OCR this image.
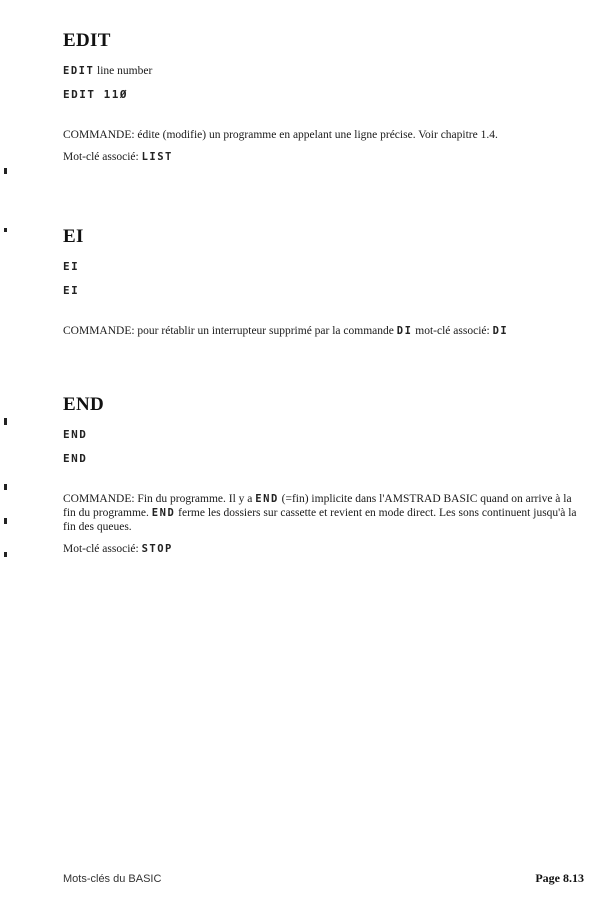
EDIT

EDIT line number

EDIT 11Ø

COMMANDE: édite (modifie) un programme en appelant une ligne précise. Voir chapitre 1.4.

Mot-clé associé: LIST

EI

EI

EI

COMMANDE: pour rétablir un interrupteur supprimé par la commande DI mot-clé associé: DI

END

END

END

COMMANDE: Fin du programme. Il y a END (=fin) implicite dans l'AMSTRAD BASIC quand on arrive à la fin du programme. END ferme les dossiers sur cassette et revient en mode direct. Les sons continuent jusqu'à la fin des queues.

Mot-clé associé: STOP

Mots-clés du BASIC	Page 8.13
